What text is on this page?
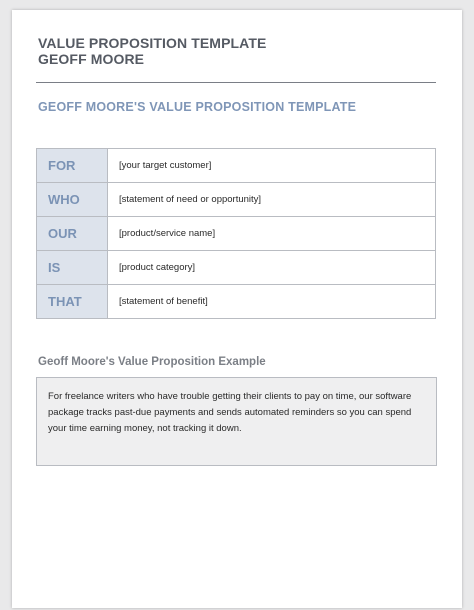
VALUE PROPOSITION TEMPLATE
GEOFF MOORE
GEOFF MOORE'S VALUE PROPOSITION TEMPLATE
FOR	[your target customer]
WHO	[statement of need or opportunity]
OUR	[product/service name]
IS	[product category]
THAT	[statement of benefit]
Geoff Moore's Value Proposition Example
For freelance writers who have trouble getting their clients to pay on time, our software package tracks past-due payments and sends automated reminders so you can spend your time earning money, not tracking it down.
